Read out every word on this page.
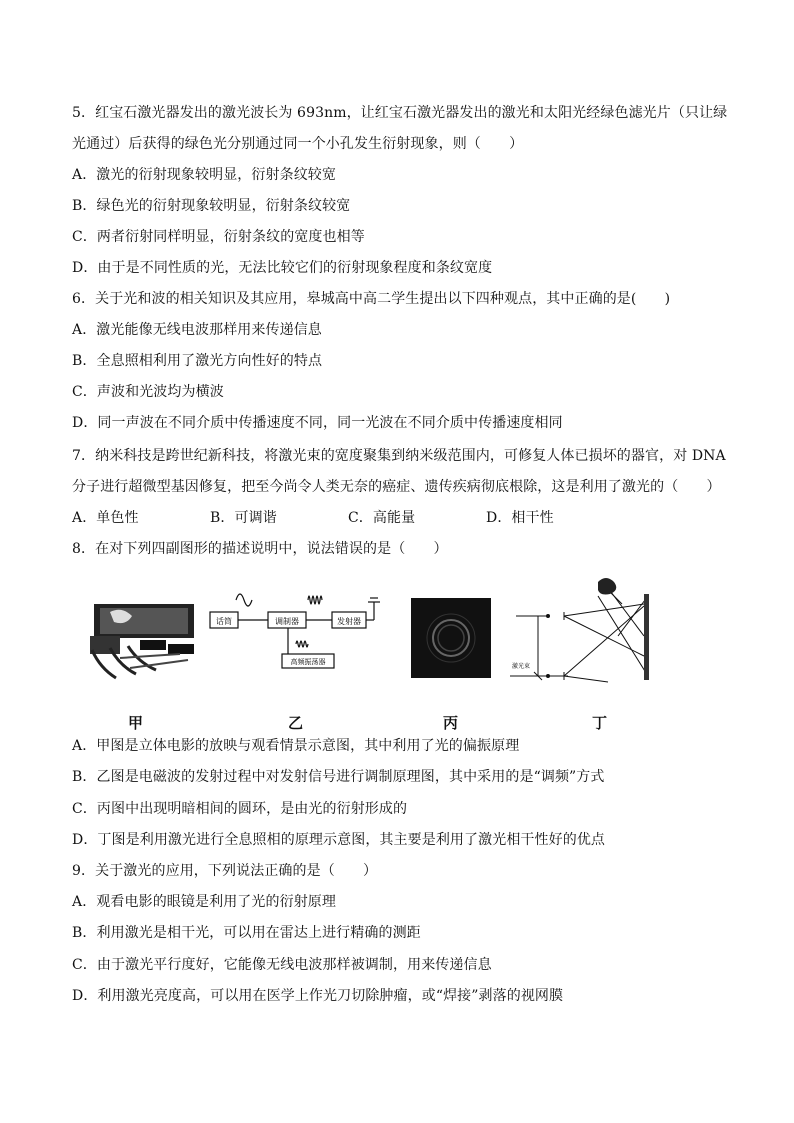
5．红宝石激光器发出的激光波长为 693nm，让红宝石激光器发出的激光和太阳光经绿色滤光片（只让绿
光通过）后获得的绿色光分别通过同一个小孔发生衍射现象，则（　　）
A．激光的衍射现象较明显，衍射条纹较宽
B．绿色光的衍射现象较明显，衍射条纹较宽
C．两者衍射同样明显，衍射条纹的宽度也相等
D．由于是不同性质的光，无法比较它们的衍射现象程度和条纹宽度
6．关于光和波的相关知识及其应用，皋城高中高二学生提出以下四种观点，其中正确的是(　　)
A．激光能像无线电波那样用来传递信息
B．全息照相利用了激光方向性好的特点
C．声波和光波均为横波
D．同一声波在不同介质中传播速度不同，同一光波在不同介质中传播速度相同
7．纳米科技是跨世纪新科技，将激光束的宽度聚集到纳米级范围内，可修复人体已损坏的器官，对 DNA
分子进行超微型基因修复，把至今尚令人类无奈的癌症、遗传疾病彻底根除，这是利用了激光的（　　）
A．单色性	B．可调谐	C．高能量	D．相干性
8．在对下列四副图形的描述说明中，说法错误的是（　　）
话筒	调制器	发射器
高频振荡器
激光束
甲	乙	丙	丁
A．甲图是立体电影的放映与观看情景示意图，其中利用了光的偏振原理
B．乙图是电磁波的发射过程中对发射信号进行调制原理图，其中采用的是“调频”方式
C．丙图中出现明暗相间的圆环，是由光的衍射形成的
D．丁图是利用激光进行全息照相的原理示意图，其主要是利用了激光相干性好的优点
9．关于激光的应用，下列说法正确的是（　　）
A．观看电影的眼镜是利用了光的衍射原理
B．利用激光是相干光，可以用在雷达上进行精确的测距
C．由于激光平行度好，它能像无线电波那样被调制，用来传递信息
D．利用激光亮度高，可以用在医学上作光刀切除肿瘤，或“焊接”剥落的视网膜
